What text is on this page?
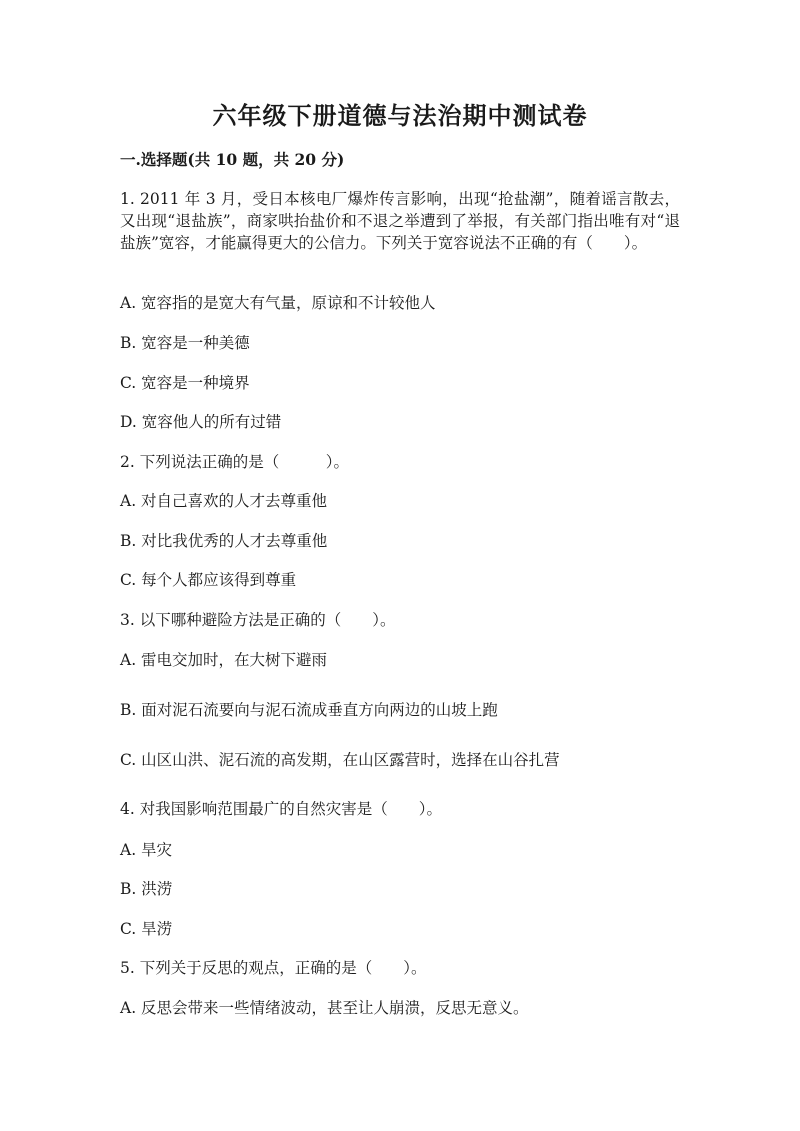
六年级下册道德与法治期中测试卷
一.选择题(共 10 题，共 20 分)
1. 2011 年 3 月，受日本核电厂爆炸传言影响，出现“抢盐潮”，随着谣言散去，又出现“退盐族”，商家哄抬盐价和不退之举遭到了举报，有关部门指出唯有对“退盐族”宽容，才能赢得更大的公信力。下列关于宽容说法不正确的有（　　）。
A. 宽容指的是宽大有气量，原谅和不计较他人
B. 宽容是一种美德
C. 宽容是一种境界
D. 宽容他人的所有过错
2. 下列说法正确的是（　　　）。
A. 对自己喜欢的人才去尊重他
B. 对比我优秀的人才去尊重他
C. 每个人都应该得到尊重
3. 以下哪种避险方法是正确的（　　）。
A. 雷电交加时，在大树下避雨
B. 面对泥石流要向与泥石流成垂直方向两边的山坡上跑
C. 山区山洪、泥石流的高发期，在山区露营时，选择在山谷扎营
4. 对我国影响范围最广的自然灾害是（　　）。
A. 旱灾
B. 洪涝
C. 旱涝
5. 下列关于反思的观点，正确的是（　　）。
A. 反思会带来一些情绪波动，甚至让人崩溃，反思无意义。
